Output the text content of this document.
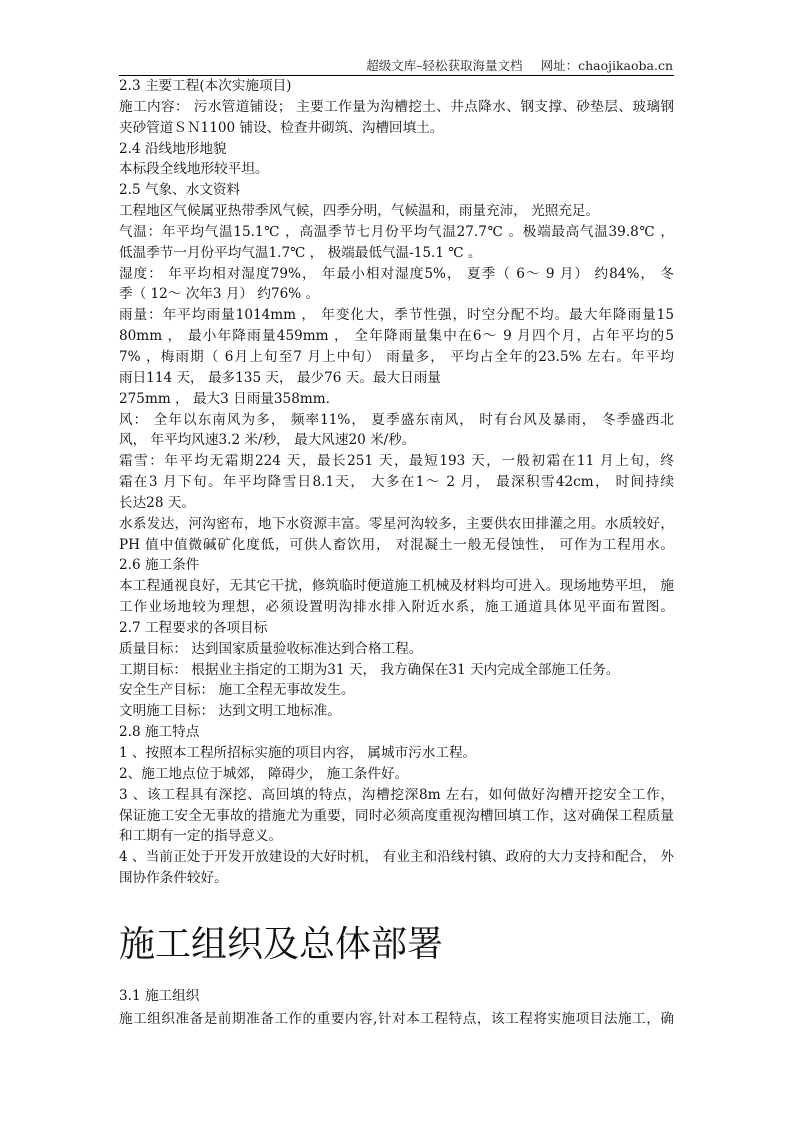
超级文库–轻松获取海量文档 网址：chaojikaoba.cn
2.3 主要工程(本次实施项目)
施工内容： 污水管道铺设； 主要工作量为沟槽挖土、井点降水、钢支撑、砂垫层、玻璃钢
夹砂管道ＳＮ1100 铺设、检查井砌筑、沟槽回填土。
2.4 沿线地形地貌
本标段全线地形较平坦。
2.5 气象、水文资料
工程地区气候属亚热带季风气候，四季分明，气候温和，雨量充沛， 光照充足。
气温：年平均气温15.1℃ ，高温季节七月份平均气温27.7℃ 。极端最高气温39.8℃ ，
低温季节一月份平均气温1.7℃ ， 极端最低气温-15.1 ℃ 。
湿度： 年平均相对湿度79%， 年最小相对湿度5%， 夏季（ 6～ 9 月） 约84%， 冬
季（ 12～ 次年3 月） 约76% 。
雨量：年平均雨量1014mm ， 年变化大，季节性强，时空分配不均。最大年降雨量15
80mm ， 最小年降雨量459mm ， 全年降雨量集中在6～ 9 月四个月，占年平均的5
7% ，梅雨期（ 6月上旬至7 月上中旬） 雨量多， 平均占全年的23.5% 左右。年平均
雨日114 天， 最多135 天， 最少76 天。最大日雨量
275mm ， 最大3 日雨量358mm.
风： 全年以东南风为多， 频率11%， 夏季盛东南风， 时有台风及暴雨， 冬季盛西北
风， 年平均风速3.2 米/秒， 最大风速20 米/秒。
霜雪：年平均无霜期224 天，最长251 天，最短193 天，一般初霜在11 月上旬，终
霜在3 月下旬。年平均降雪日8.1天， 大多在1～ 2 月， 最深积雪42cm， 时间持续
长达28 天。
水系发达，河沟密布，地下水资源丰富。零星河沟较多，主要供农田排灌之用。水质较好，
PH 值中值微碱矿化度低，可供人畜饮用， 对混凝土一般无侵蚀性， 可作为工程用水。
2.6 施工条件
本工程通视良好，无其它干扰，修筑临时便道施工机械及材料均可进入。现场地势平坦， 施
工作业场地较为理想，必须设置明沟排水排入附近水系，施工通道具体见平面布置图。
2.7 工程要求的各项目标
质量目标： 达到国家质量验收标准达到合格工程。
工期目标： 根据业主指定的工期为31 天， 我方确保在31 天内完成全部施工任务。
安全生产目标： 施工全程无事故发生。
文明施工目标： 达到文明工地标准。
2.8 施工特点
1 、按照本工程所招标实施的项目内容， 属城市污水工程。
2、施工地点位于城郊， 障碍少， 施工条件好。
3 、该工程具有深挖、高回填的特点，沟槽挖深8m 左右，如何做好沟槽开挖安全工作，
保证施工安全无事故的措施尤为重要，同时必须高度重视沟槽回填工作，这对确保工程质量
和工期有一定的指导意义。
4 、当前正处于开发开放建设的大好时机， 有业主和沿线村镇、政府的大力支持和配合， 外
围协作条件较好。
施工组织及总体部署
3.1 施工组织
施工组织准备是前期准备工作的重要内容,针对本工程特点，该工程将实施项目法施工，确
